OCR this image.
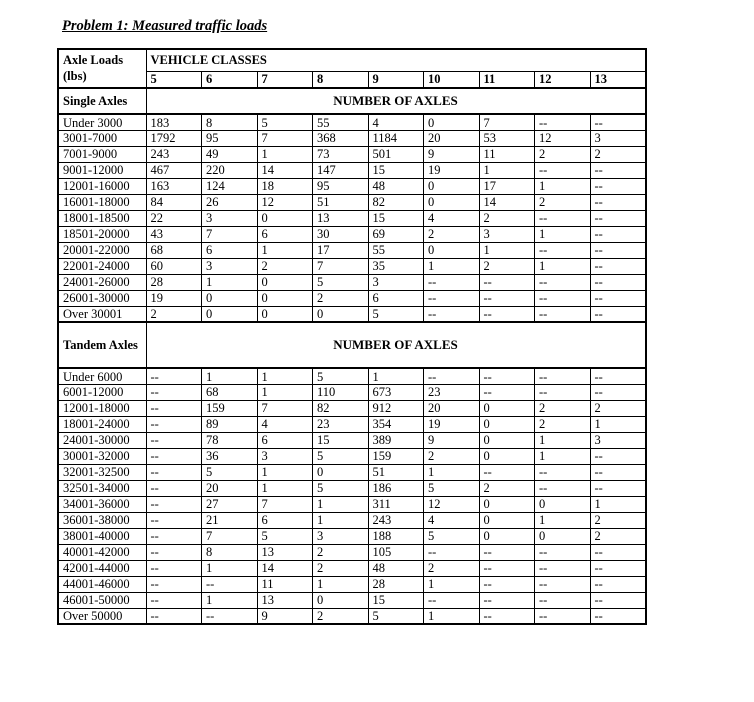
Problem 1: Measured traffic loads

Axle Loads (lbs)	VEHICLE CLASSES								
	5	6	7	8	9	10	11	12	13
Single Axles	NUMBER OF AXLES								
Under 3000	183	8	5	55	4	0	7	--	--
3001-7000	1792	95	7	368	1184	20	53	12	3
7001-9000	243	49	1	73	501	9	11	2	2
9001-12000	467	220	14	147	15	19	1	--	--
12001-16000	163	124	18	95	48	0	17	1	--
16001-18000	84	26	12	51	82	0	14	2	--
18001-18500	22	3	0	13	15	4	2	--	--
18501-20000	43	7	6	30	69	2	3	1	--
20001-22000	68	6	1	17	55	0	1	--	--
22001-24000	60	3	2	7	35	1	2	1	--
24001-26000	28	1	0	5	3	--	--	--	--
26001-30000	19	0	0	2	6	--	--	--	--
Over 30001	2	0	0	0	5	--	--	--	--
Tandem Axles	NUMBER OF AXLES								
Under 6000	--	1	1	5	1	--	--	--	--
6001-12000	--	68	1	110	673	23	--	--	--
12001-18000	--	159	7	82	912	20	0	2	2
18001-24000	--	89	4	23	354	19	0	2	1
24001-30000	--	78	6	15	389	9	0	1	3
30001-32000	--	36	3	5	159	2	0	1	--
32001-32500	--	5	1	0	51	1	--	--	--
32501-34000	--	20	1	5	186	5	2	--	--
34001-36000	--	27	7	1	311	12	0	0	1
36001-38000	--	21	6	1	243	4	0	1	2
38001-40000	--	7	5	3	188	5	0	0	2
40001-42000	--	8	13	2	105	--	--	--	--
42001-44000	--	1	14	2	48	2	--	--	--
44001-46000	--	--	11	1	28	1	--	--	--
46001-50000	--	1	13	0	15	--	--	--	--
Over 50000	--	--	9	2	5	1	--	--	--
